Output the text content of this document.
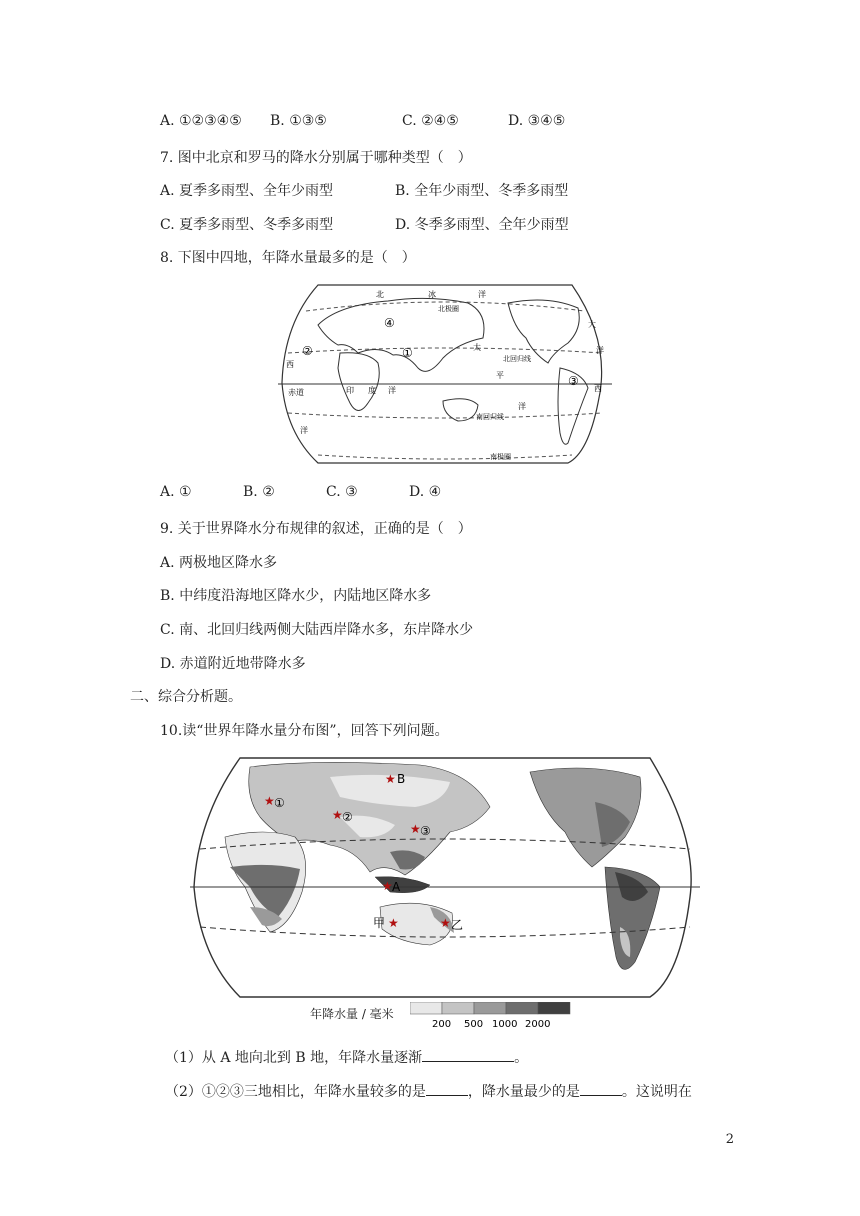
A. ①②③④⑤ B. ①③⑤	C. ②④⑤	D. ③④⑤
7. 图中北京和罗马的降水分别属于哪种类型（　）
A. 夏季多雨型、全年少雨型	B. 全年少雨型、冬季多雨型
C. 夏季多雨型、冬季多雨型	D. 冬季多雨型、全年少雨型
8. 下图中四地，年降水量最多的是（　）
北	冰	洋
北极圈
西
大
太
平
北回归线
赤道	印 度 洋
南回归线
洋
洋
南极圈
洋
西
①
②
③
④
A. ①	B. ②	C. ③	D. ④
9. 关于世界降水分布规律的叙述，正确的是（　）
A. 两极地区降水多
B. 中纬度沿海地区降水少，内陆地区降水多
C. 南、北回归线两侧大陆西岸降水多，东岸降水少
D. 赤道附近地带降水多
二、综合分析题。
10.读“世界年降水量分布图”，回答下列问题。
★ B
★ ①
★ ②
★ ③
★ A
甲 ★	★ 乙
年降水量 / 毫米
200 500 1000 2000
（1）从 A 地向北到 B 地，年降水量逐渐	。
（2）①②③三地相比，年降水量较多的是	，降水量最少的是	。这说明在
2
